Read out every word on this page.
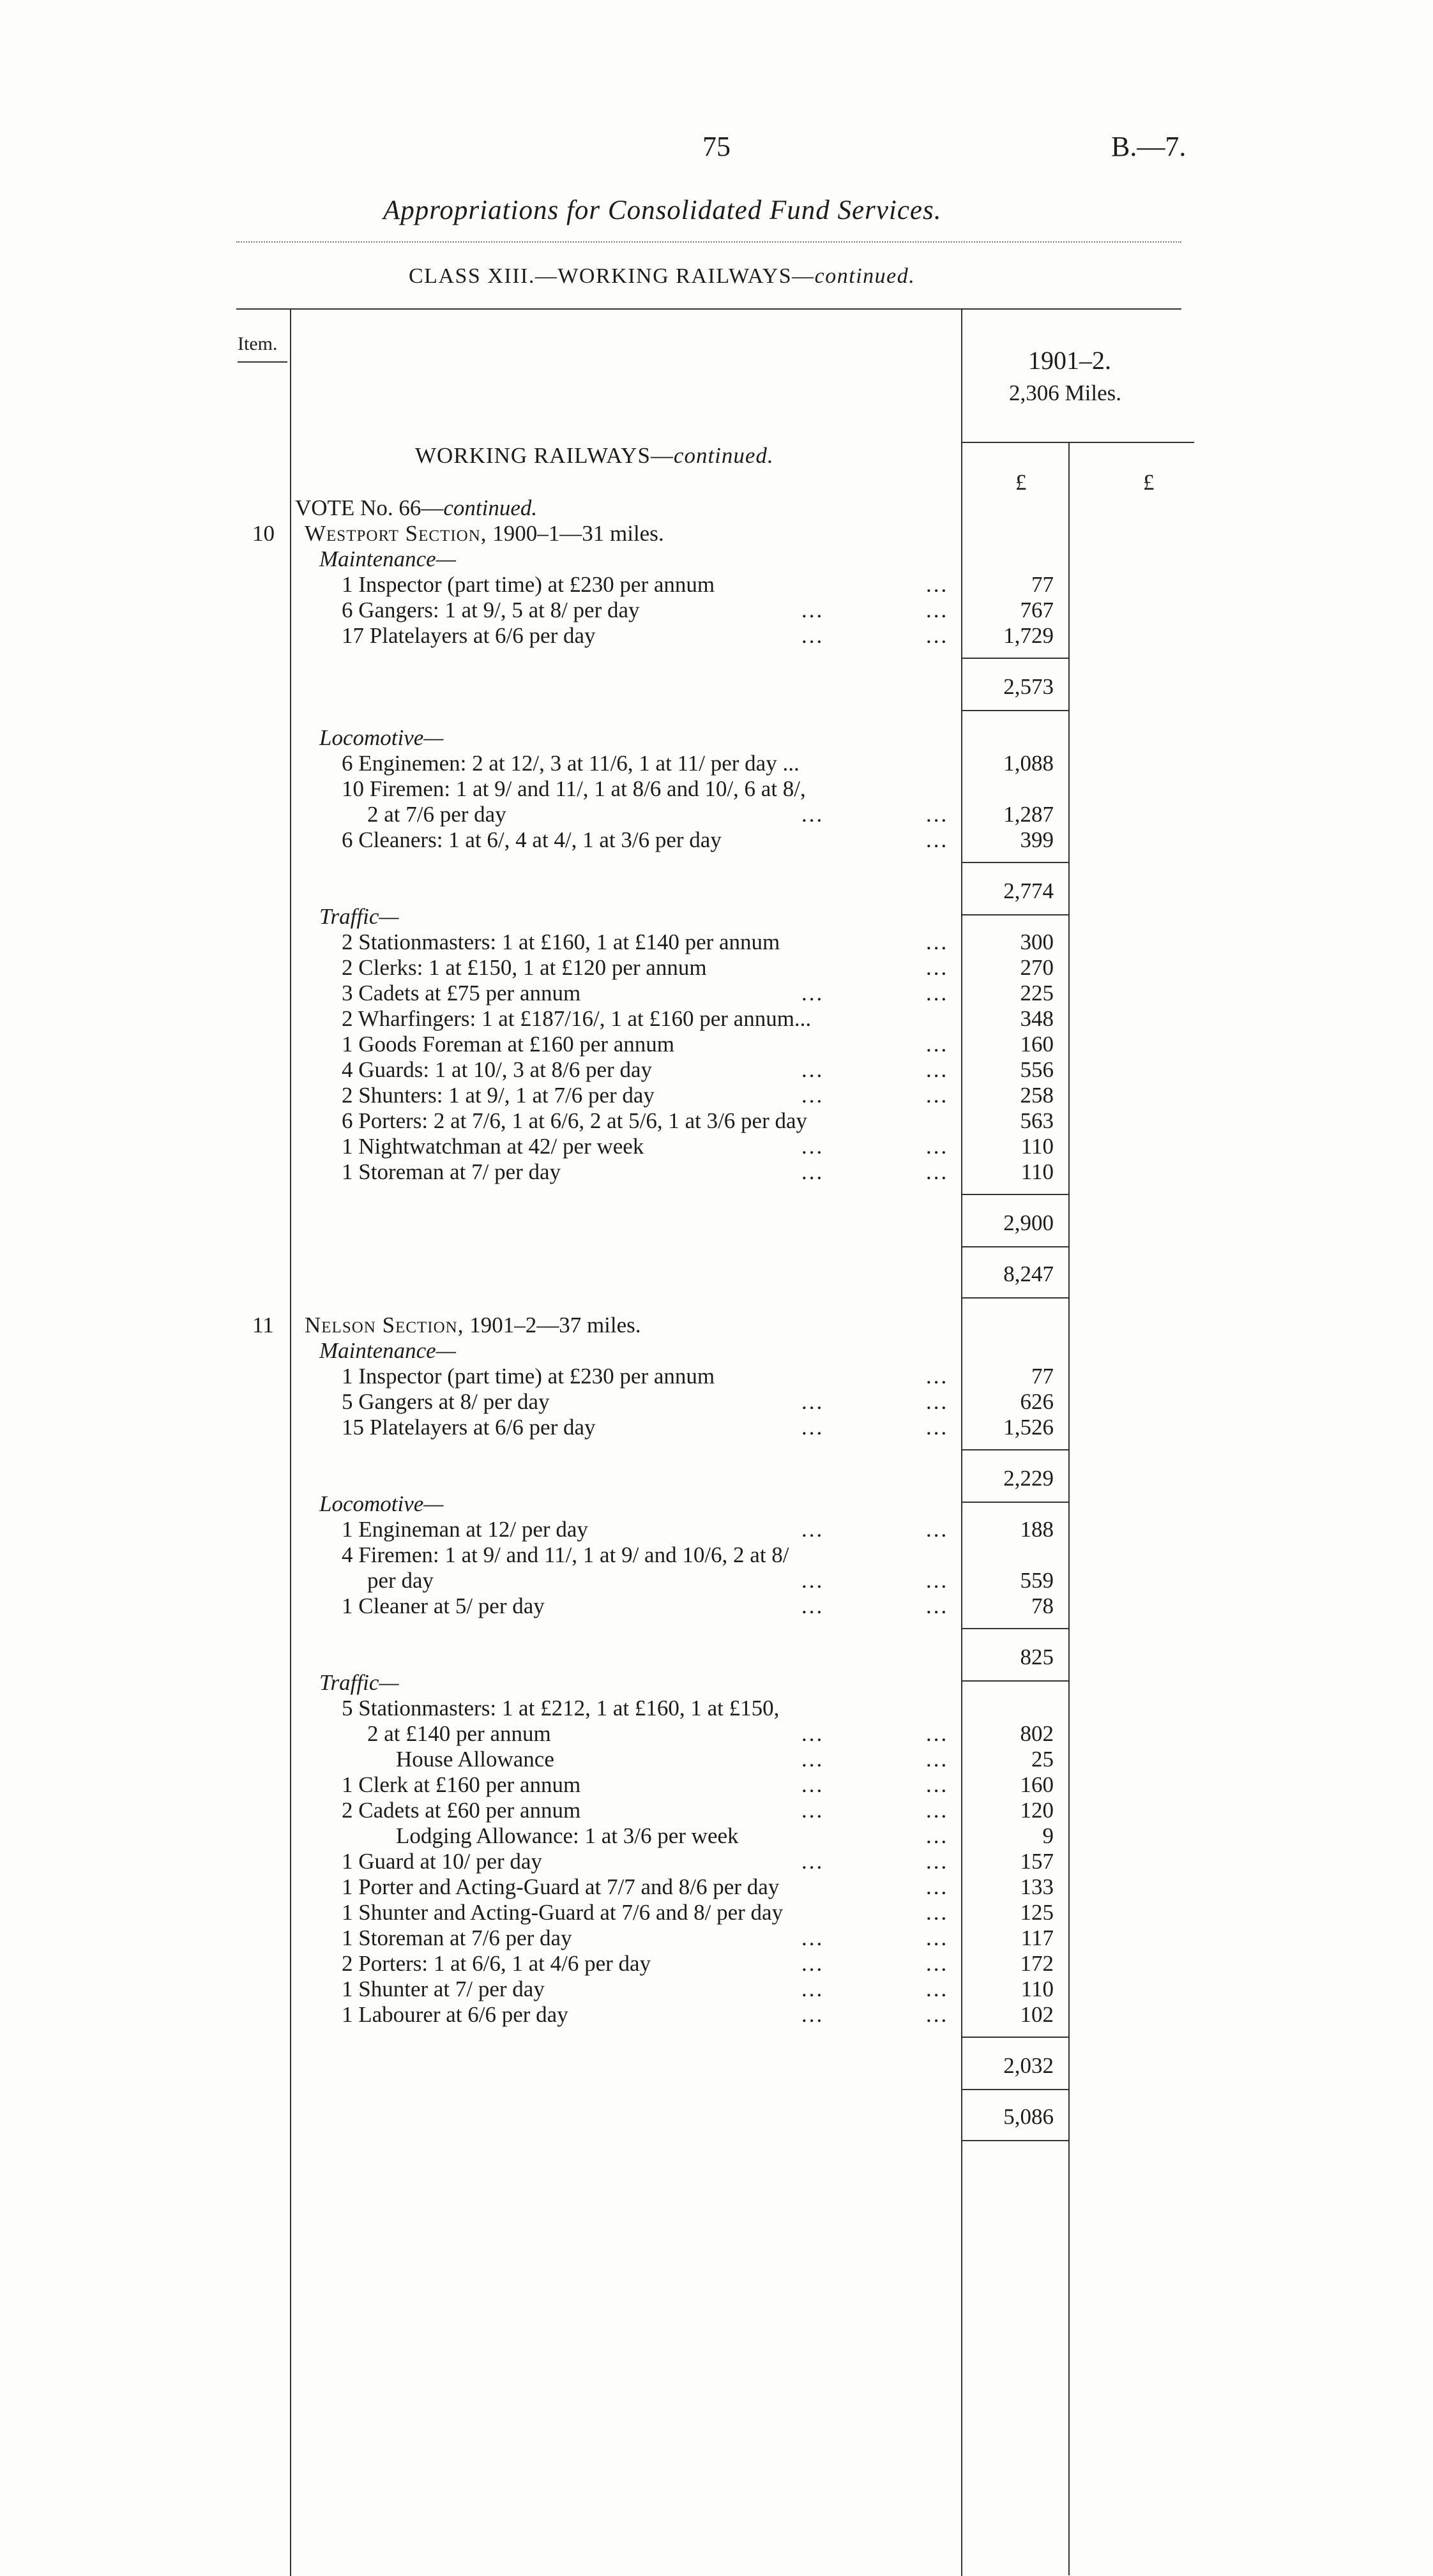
75	B.—7.
Appropriations for Consolidated Fund Services.
CLASS XIII.—WORKING RAILWAYS—continued.
Item.
1901–2.
2,306 Miles.
£	£
WORKING RAILWAYS—continued.
VOTE No. 66—continued.
10 Westport Section, 1900–1—31 miles.
Maintenance—
1 Inspector (part time) at £230 per annum	...	77
6 Gangers: 1 at 9/, 5 at 8/ per day	...	...	767
17 Platelayers at 6/6 per day	...	...	1,729
2,573
Locomotive—
6 Enginemen: 2 at 12/, 3 at 11/6, 1 at 11/ per day ...	1,088
10 Firemen: 1 at 9/ and 11/, 1 at 8/6 and 10/, 6 at 8/,
2 at 7/6 per day	...	...	1,287
6 Cleaners: 1 at 6/, 4 at 4/, 1 at 3/6 per day	...	399
2,774
Traffic—
2 Stationmasters: 1 at £160, 1 at £140 per annum	...	300
2 Clerks: 1 at £150, 1 at £120 per annum	...	270
3 Cadets at £75 per annum	...	...	225
2 Wharfingers: 1 at £187/16/, 1 at £160 per annum...	348
1 Goods Foreman at £160 per annum	...	160
4 Guards: 1 at 10/, 3 at 8/6 per day	...	...	556
2 Shunters: 1 at 9/, 1 at 7/6 per day	...	...	258
6 Porters: 2 at 7/6, 1 at 6/6, 2 at 5/6, 1 at 3/6 per day	563
1 Nightwatchman at 42/ per week	...	...	110
1 Storeman at 7/ per day	...	...	110
2,900
8,247
11 Nelson Section, 1901–2—37 miles.
Maintenance—
1 Inspector (part time) at £230 per annum	...	77
5 Gangers at 8/ per day	...	...	626
15 Platelayers at 6/6 per day	...	...	1,526
2,229
Locomotive—
1 Engineman at 12/ per day	...	...	188
4 Firemen: 1 at 9/ and 11/, 1 at 9/ and 10/6, 2 at 8/
per day	...	...	559
1 Cleaner at 5/ per day	...	...	78
825
Traffic—
5 Stationmasters: 1 at £212, 1 at £160, 1 at £150,
2 at £140 per annum	...	...	802
House Allowance	...	...	25
1 Clerk at £160 per annum	...	...	160
2 Cadets at £60 per annum	...	...	120
Lodging Allowance: 1 at 3/6 per week	...	9
1 Guard at 10/ per day	...	...	157
1 Porter and Acting-Guard at 7/7 and 8/6 per day	...	133
1 Shunter and Acting-Guard at 7/6 and 8/ per day	...	125
1 Storeman at 7/6 per day	...	...	117
2 Porters: 1 at 6/6, 1 at 4/6 per day	...	...	172
1 Shunter at 7/ per day	...	...	110
1 Labourer at 6/6 per day	...	...	102
2,032
5,086
